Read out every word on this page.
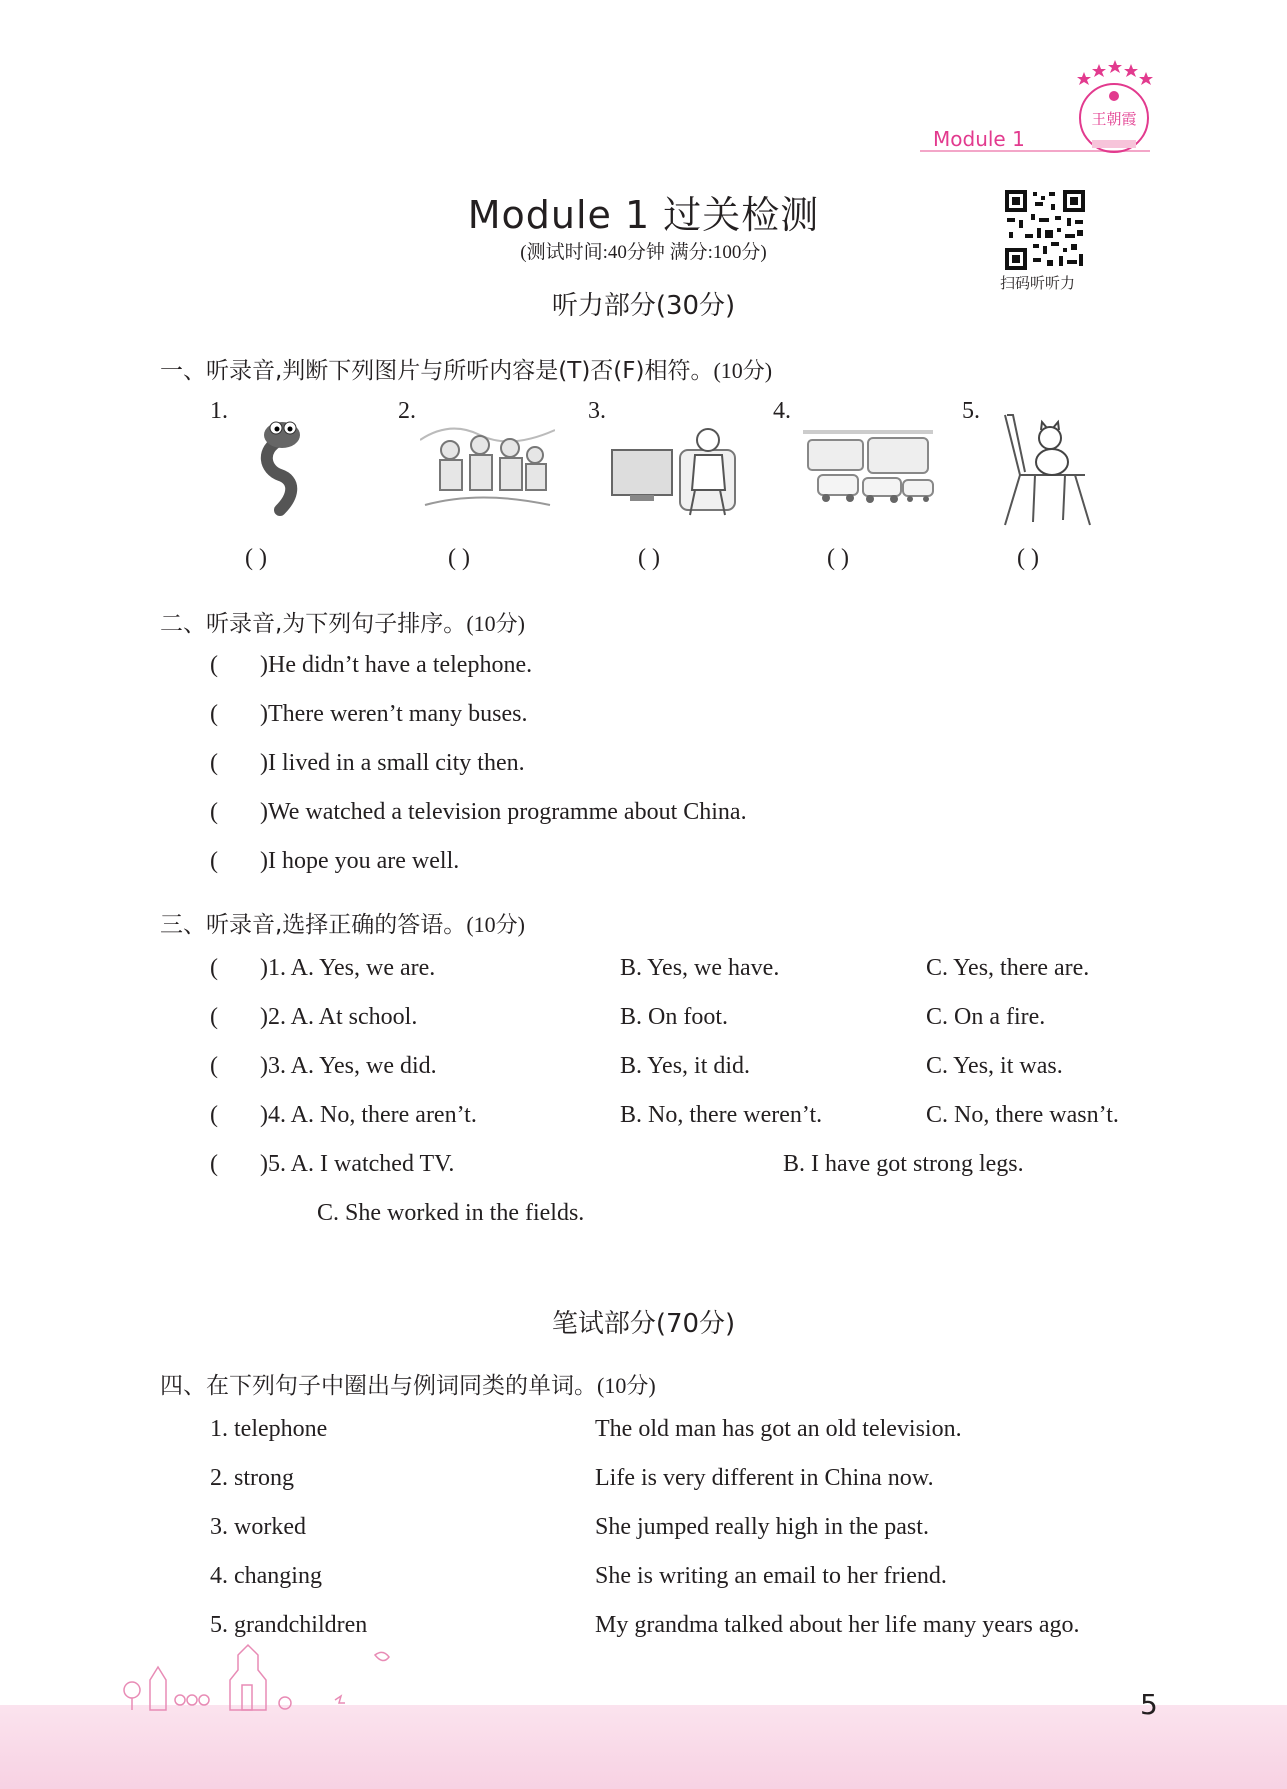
Module 1
王朝霞
Module 1 过关检测
(测试时间:40分钟 满分:100分)
扫码听听力
听力部分(30分)
一、听录音,判断下列图片与所听内容是(T)否(F)相符。(10分)
1.	2.	3.	4.	5.
( )	( )	( )	( )	( )
二、听录音,为下列句子排序。(10分)
(       )He didn’t have a telephone.
(       )There weren’t many buses.
(       )I lived in a small city then.
(       )We watched a television programme about China.
(       )I hope you are well.
三、听录音,选择正确的答语。(10分)
(       )1. A. Yes, we are.	B. Yes, we have.	C. Yes, there are.
(       )2. A. At school.	B. On foot.	C. On a fire.
(       )3. A. Yes, we did.	B. Yes, it did.	C. Yes, it was.
(       )4. A. No, there aren’t.	B. No, there weren’t.	C. No, there wasn’t.
(       )5. A. I watched TV.	B. I have got strong legs.
C. She worked in the fields.
笔试部分(70分)
四、在下列句子中圈出与例词同类的单词。(10分)
1. telephone	The old man has got an old television.
2. strong	Life is very different in China now.
3. worked	She jumped really high in the past.
4. changing	She is writing an email to her friend.
5. grandchildren	My grandma talked about her life many years ago.
5
